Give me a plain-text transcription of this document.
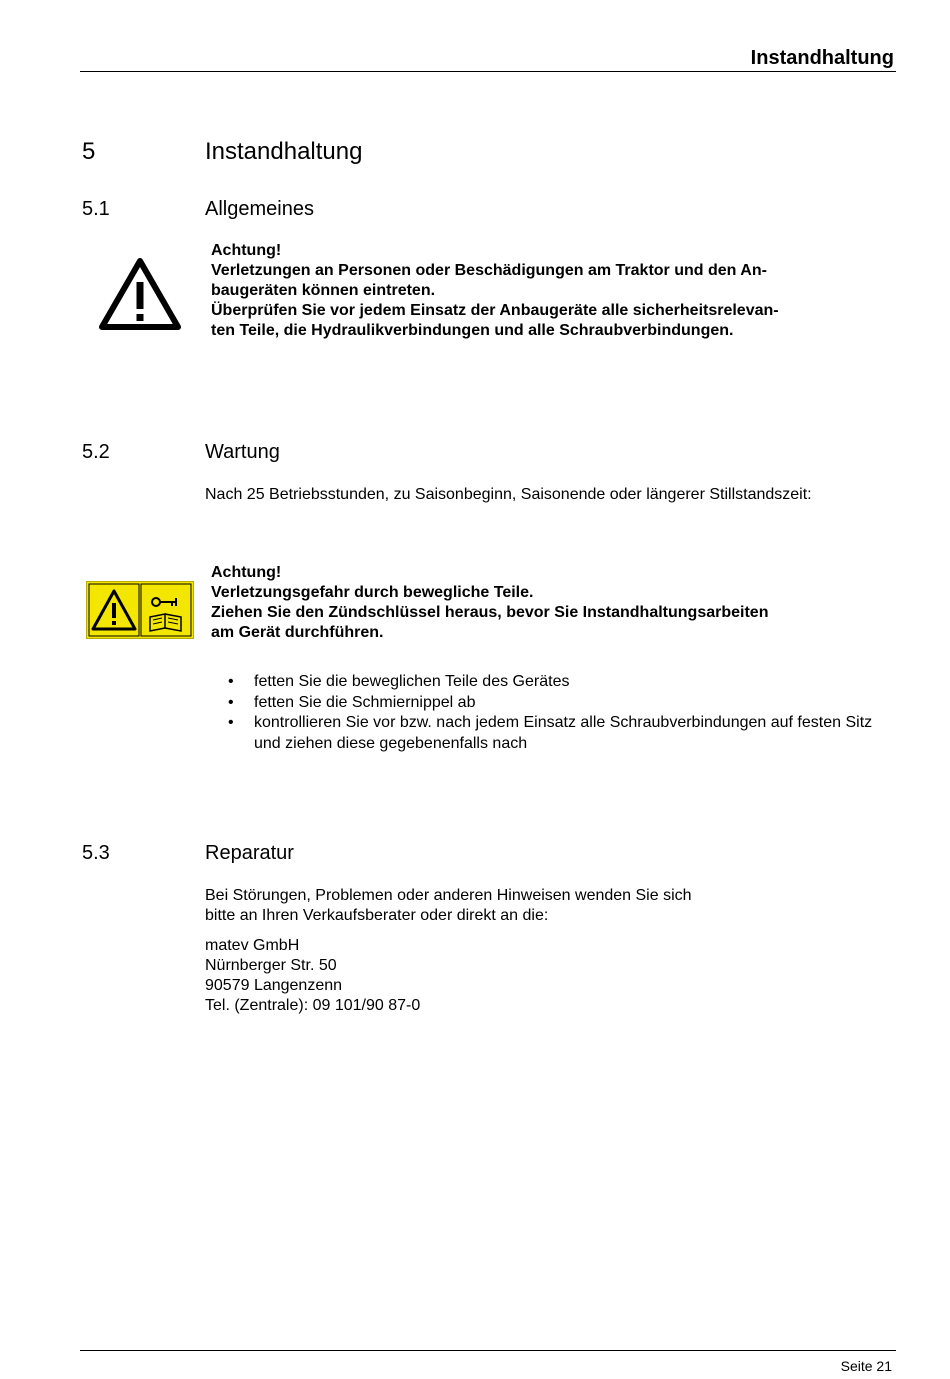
Instandhaltung
5	Instandhaltung
5.1	Allgemeines
Achtung!
Verletzungen an Personen oder Beschädigungen am Traktor und den An-
baugeräten können eintreten.
Überprüfen Sie vor jedem Einsatz der Anbaugeräte alle sicherheitsrelevan-
ten Teile, die Hydraulikverbindungen und alle Schraubverbindungen.
5.2	Wartung
Nach 25 Betriebsstunden, zu Saisonbeginn, Saisonende oder längerer Stillstandszeit:
Achtung!
Verletzungsgefahr durch bewegliche Teile.
Ziehen Sie den Zündschlüssel heraus, bevor Sie Instandhaltungsarbeiten
am Gerät durchführen.
• fetten Sie die beweglichen Teile des Gerätes
• fetten Sie die Schmiernippel ab
• kontrollieren Sie vor bzw. nach jedem Einsatz alle Schraubverbindungen auf festen Sitz und ziehen diese gegebenenfalls nach
5.3	Reparatur
Bei Störungen, Problemen oder anderen Hinweisen wenden Sie sich
bitte an Ihren Verkaufsberater oder direkt an die:
matev GmbH
Nürnberger Str. 50
90579 Langenzenn
Tel. (Zentrale): 09 101/90 87-0
Seite 21
